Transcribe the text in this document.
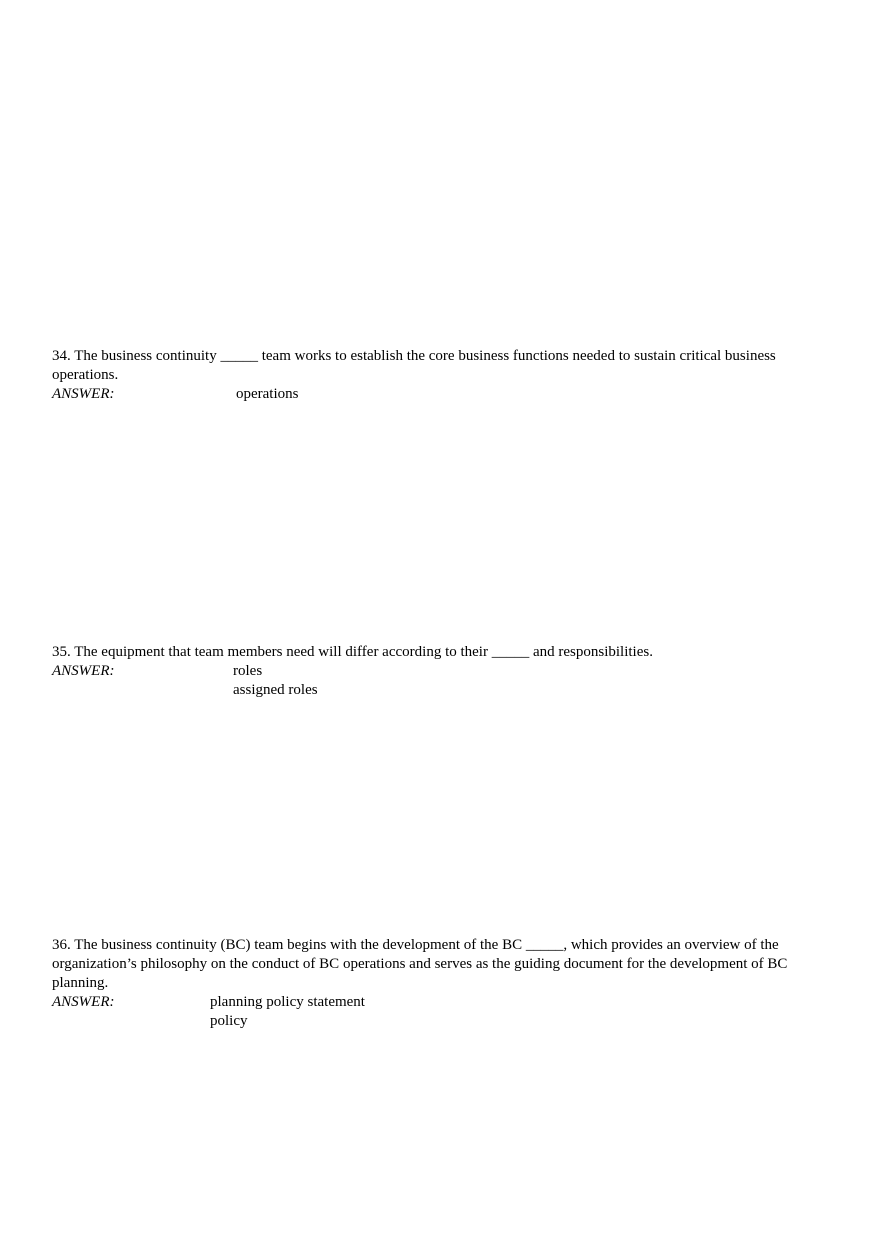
34. The business continuity _____ team works to establish the core business functions needed to sustain critical business operations.

ANSWER:	operations

35. The equipment that team members need will differ according to their _____ and responsibilities.

ANSWER:	roles
assigned roles

36. The business continuity (BC) team begins with the development of the BC _____, which provides an overview of the organization’s philosophy on the conduct of BC operations and serves as the guiding document for the development of BC planning.

ANSWER:	planning policy statement
policy
